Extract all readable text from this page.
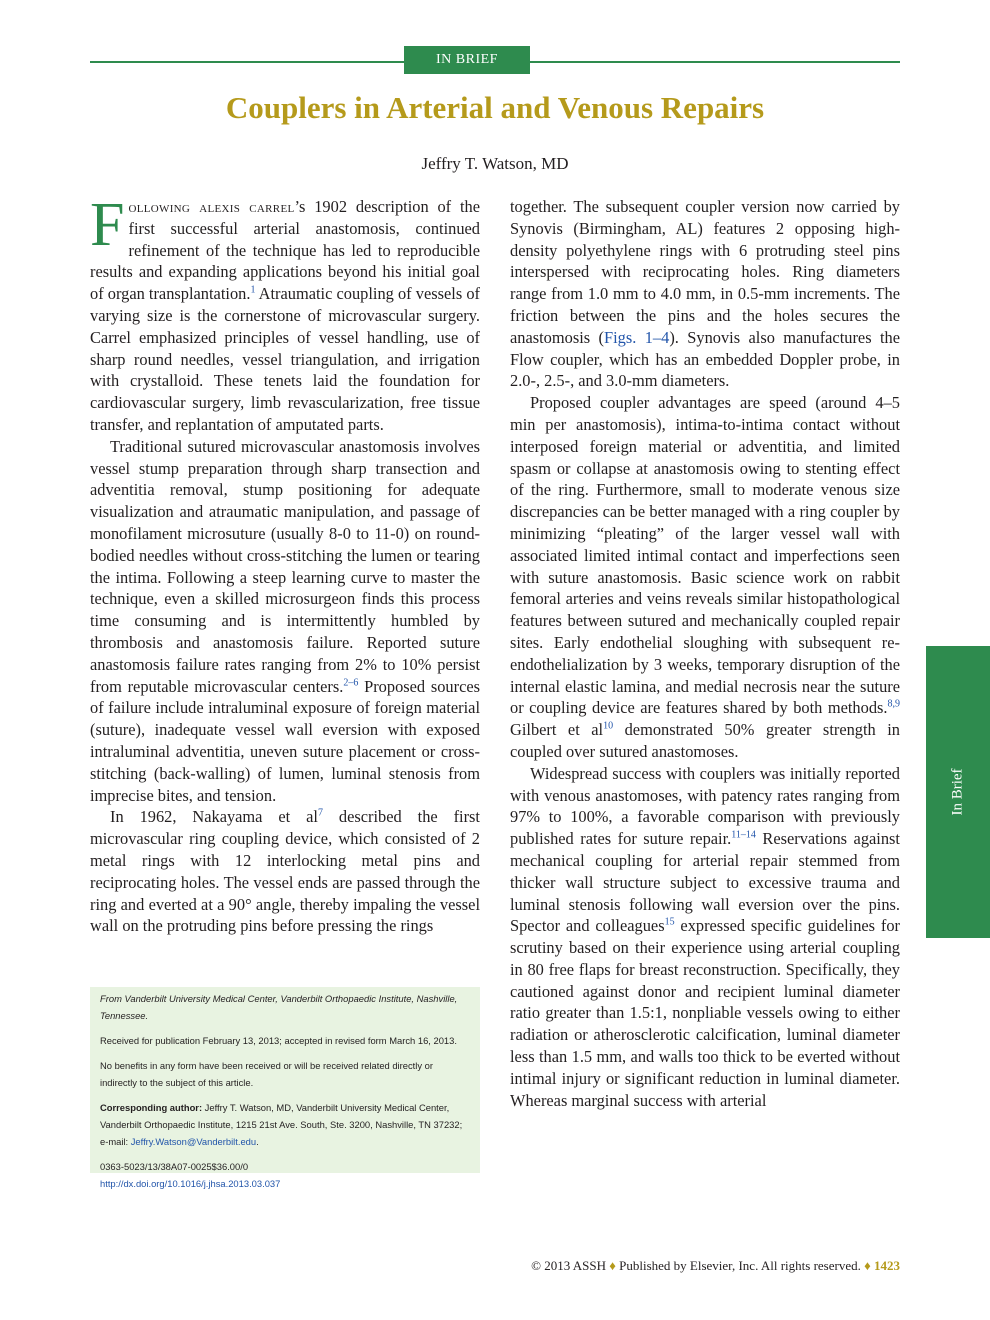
IN BRIEF
Couplers in Arterial and Venous Repairs
Jeffry T. Watson, MD

Following alexis carrel’s 1902 description of the first successful arterial anastomosis, continued refinement of the technique has led to reproducible results and expanding applications beyond his initial goal of organ transplantation.$^1$ Atraumatic coupling of vessels of varying size is the cornerstone of microvascular surgery. Carrel emphasized principles of vessel handling, use of sharp round needles, vessel triangulation, and irrigation with crystalloid. These tenets laid the foundation for cardiovascular surgery, limb revascularization, free tissue transfer, and replantation of amputated parts.

Traditional sutured microvascular anastomosis involves vessel stump preparation through sharp transection and adventitia removal, stump positioning for adequate visualization and atraumatic manipulation, and passage of monofilament microsuture (usually 8-0 to 11-0) on round-bodied needles without cross-stitching the lumen or tearing the intima. Following a steep learning curve to master the technique, even a skilled microsurgeon finds this process time consuming and is intermittently humbled by thrombosis and anastomosis failure. Reported suture anastomosis failure rates ranging from 2% to 10% persist from reputable microvascular centers.$^{2-6}$ Proposed sources of failure include intraluminal exposure of foreign material (suture), inadequate vessel wall eversion with exposed intraluminal adventitia, uneven suture placement or cross-stitching (back-walling) of lumen, luminal stenosis from imprecise bites, and tension.

In 1962, Nakayama et $al^7$ described the first microvascular ring coupling device, which consisted of 2 metal rings with 12 interlocking metal pins and reciprocating holes. The vessel ends are passed through the ring and everted at a 90° angle, thereby impaling the vessel wall on the protruding pins before pressing the rings

From Vanderbilt University Medical Center, Vanderbilt Orthopaedic Institute, Nashville, Tennessee.

Received for publication February 13, 2013; accepted in revised form March 16, 2013.

No benefits in any form have been received or will be received related directly or indirectly to the subject of this article.

Corresponding author: Jeffry T. Watson, MD, Vanderbilt University Medical Center, Vanderbilt Orthopaedic Institute, 1215 21st Ave. South, Ste. 3200, Nashville, TN 37232; e-mail: Jeffry.Watson@Vanderbilt.edu.

0363-5023/13/38A07-0025$36.00/0

http://dx.doi.org/10.1016/j.jhsa.2013.03.037

together. The subsequent coupler version now carried by Synovis (Birmingham, AL) features 2 opposing high-density polyethylene rings with 6 protruding steel pins interspersed with reciprocating holes. Ring diameters range from 1.0 mm to 4.0 mm, in 0.5-mm increments. The friction between the pins and the holes secures the anastomosis (Figs. 1–4). Synovis also manufactures the Flow coupler, which has an embedded Doppler probe, in 2.0-, 2.5-, and 3.0-mm diameters.

Proposed coupler advantages are speed (around 4–5 min per anastomosis), intima-to-intima contact without interposed foreign material or adventitia, and limited spasm or collapse at anastomosis owing to stenting effect of the ring. Furthermore, small to moderate venous size discrepancies can be better managed with a ring coupler by minimizing “pleating” of the larger vessel wall with associated limited intimal contact and imperfections seen with suture anastomosis. Basic science work on rabbit femoral arteries and veins reveals similar histopathological features between sutured and mechanically coupled repair sites. Early endothelial sloughing with subsequent re-endothelialization by 3 weeks, temporary disruption of the internal elastic lamina, and medial necrosis near the suture or coupling device are features shared by both methods.$^{8,9}$ Gilbert et $al^{10}$ demonstrated 50% greater strength in coupled over sutured anastomoses.

Widespread success with couplers was initially reported with venous anastomoses, with patency rates ranging from 97% to 100%, a favorable comparison with previously published rates for suture repair.$^{11-14}$ Reservations against mechanical coupling for arterial repair stemmed from thicker wall structure subject to excessive trauma and luminal stenosis following wall eversion over the pins. Spector and colleagues$^{15}$ expressed specific guidelines for scrutiny based on their experience using arterial coupling in 80 free flaps for breast reconstruction. Specifically, they cautioned against donor and recipient luminal diameter ratio greater than 1.5:1, nonpliable vessels owing to either radiation or atherosclerotic calcification, luminal diameter less than 1.5 mm, and walls too thick to be everted without intimal injury or significant reduction in luminal diameter. Whereas marginal success with arterial

In Brief
© 2013 ASSH ♦ Published by Elsevier, Inc. All rights reserved. ♦ 1423
